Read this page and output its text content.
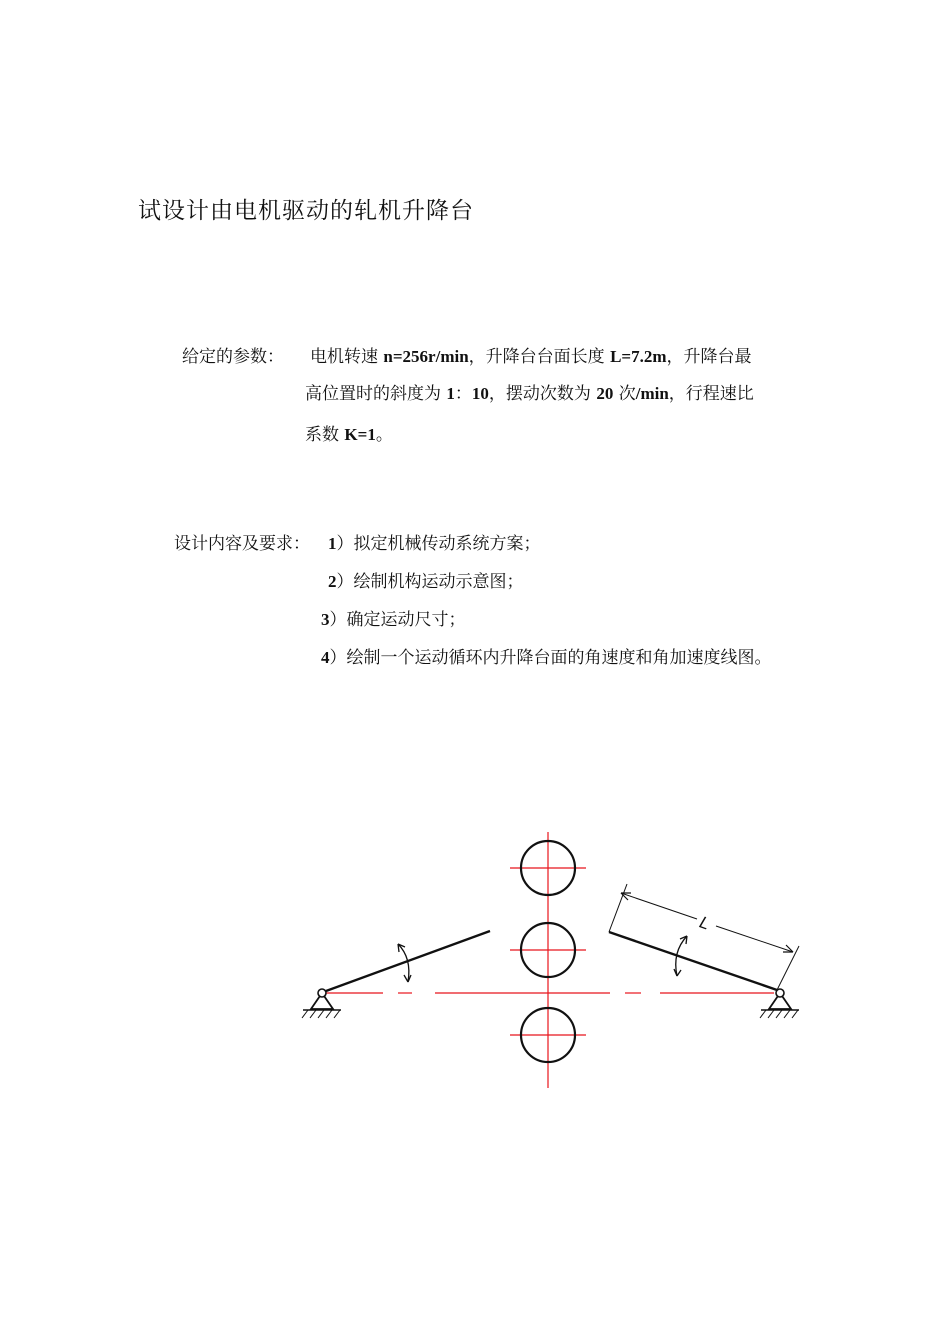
试设计由电机驱动的轧机升降台
给定的参数： 电机转速 n=256r/min，升降台台面长度 L=7.2m，升降台最
高位置时的斜度为 1：10，摆动次数为 20 次/min，行程速比
系数 K=1。
设计内容及要求： 1）拟定机械传动系统方案；
2）绘制机构运动示意图；
3）确定运动尺寸；
4）绘制一个运动循环内升降台面的角速度和角加速度线图。
L
